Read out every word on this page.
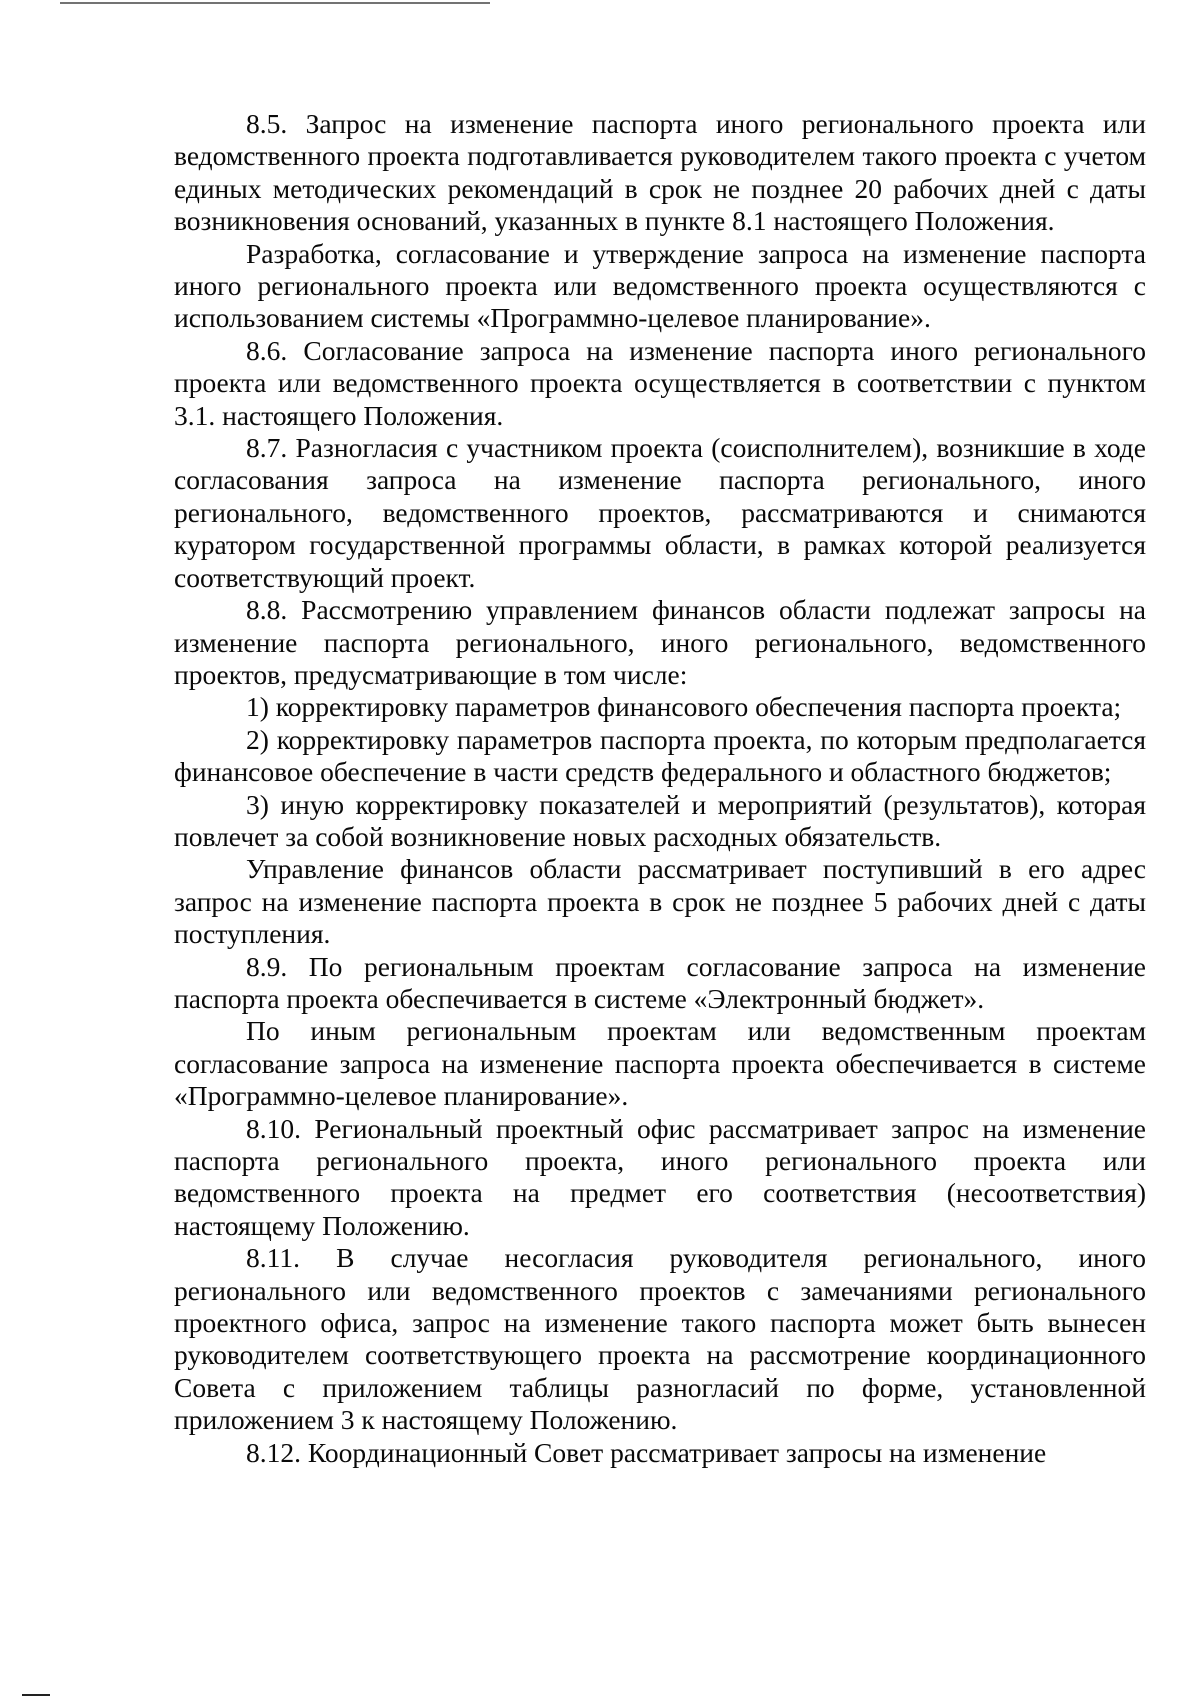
8.5. Запрос на изменение паспорта иного регионального проекта или ведомственного проекта подготавливается руководителем такого проекта с учетом единых методических рекомендаций в срок не позднее 20 рабочих дней с даты возникновения оснований, указанных в пункте 8.1 настоящего Положения.

Разработка, согласование и утверждение запроса на изменение паспорта иного регионального проекта или ведомственного проекта осуществляются с использованием системы «Программно-целевое планирование».

8.6. Согласование запроса на изменение паспорта иного регионального проекта или ведомственного проекта осуществляется в соответствии с пунктом 3.1. настоящего Положения.

8.7. Разногласия с участником проекта (соисполнителем), возникшие в ходе согласования запроса на изменение паспорта регионального, иного регионального, ведомственного проектов, рассматриваются и снимаются куратором государственной программы области, в рамках которой реализуется соответствующий проект.

8.8. Рассмотрению управлением финансов области подлежат запросы на изменение паспорта регионального, иного регионального, ведомственного проектов, предусматривающие в том числе:

1) корректировку параметров финансового обеспечения паспорта проекта;

2) корректировку параметров паспорта проекта, по которым предполагается финансовое обеспечение в части средств федерального и областного бюджетов;

3) иную корректировку показателей и мероприятий (результатов), которая повлечет за собой возникновение новых расходных обязательств.

Управление финансов области рассматривает поступивший в его адрес запрос на изменение паспорта проекта в срок не позднее 5 рабочих дней с даты поступления.

8.9. По региональным проектам согласование запроса на изменение паспорта проекта обеспечивается в системе «Электронный бюджет».

По иным региональным проектам или ведомственным проектам согласование запроса на изменение паспорта проекта обеспечивается в системе «Программно-целевое планирование».

8.10. Региональный проектный офис рассматривает запрос на изменение паспорта регионального проекта, иного регионального проекта или ведомственного проекта на предмет его соответствия (несоответствия) настоящему Положению.

8.11. В случае несогласия руководителя регионального, иного регионального или ведомственного проектов с замечаниями регионального проектного офиса, запрос на изменение такого паспорта может быть вынесен руководителем соответствующего проекта на рассмотрение координационного Совета с приложением таблицы разногласий по форме, установленной приложением 3 к настоящему Положению.

8.12. Координационный Совет рассматривает запросы на изменение
